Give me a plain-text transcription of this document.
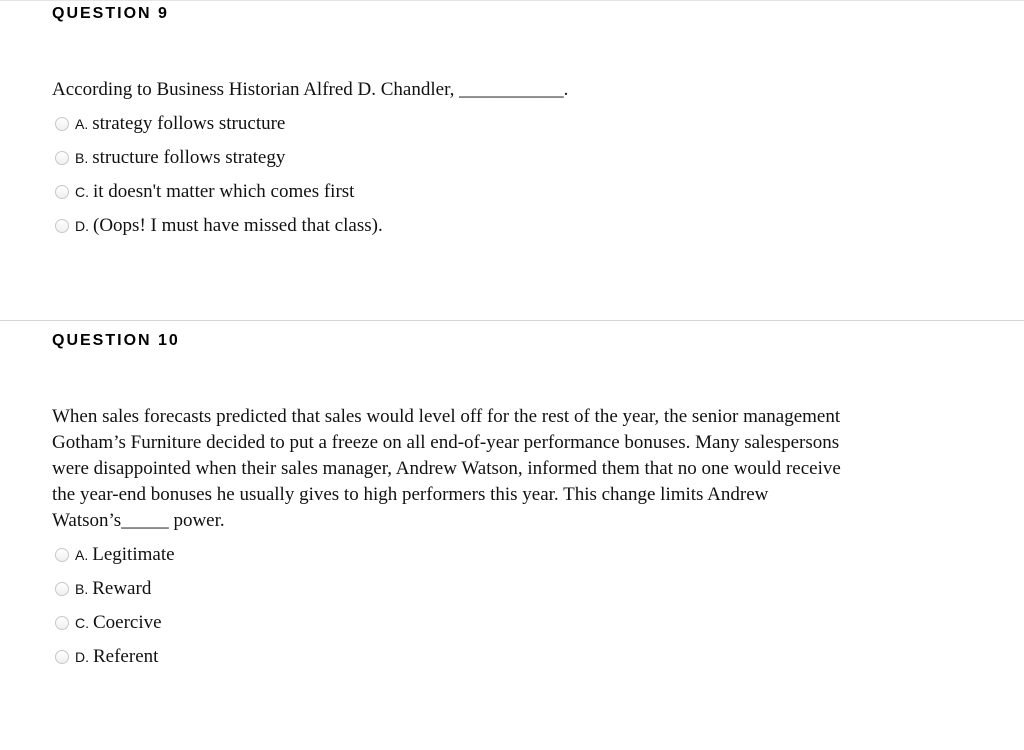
QUESTION 9
According to Business Historian Alfred D. Chandler, ___________.
A. strategy follows structure
B. structure follows strategy
C. it doesn't matter which comes first
D. (Oops! I must have missed that class).
QUESTION 10
When sales forecasts predicted that sales would level off for the rest of the year, the senior management
Gotham’s Furniture decided to put a freeze on all end-of-year performance bonuses. Many salespersons
were disappointed when their sales manager, Andrew Watson, informed them that no one would receive
the year-end bonuses he usually gives to high performers this year. This change limits Andrew
Watson’s_____ power.
A. Legitimate
B. Reward
C. Coercive
D. Referent
